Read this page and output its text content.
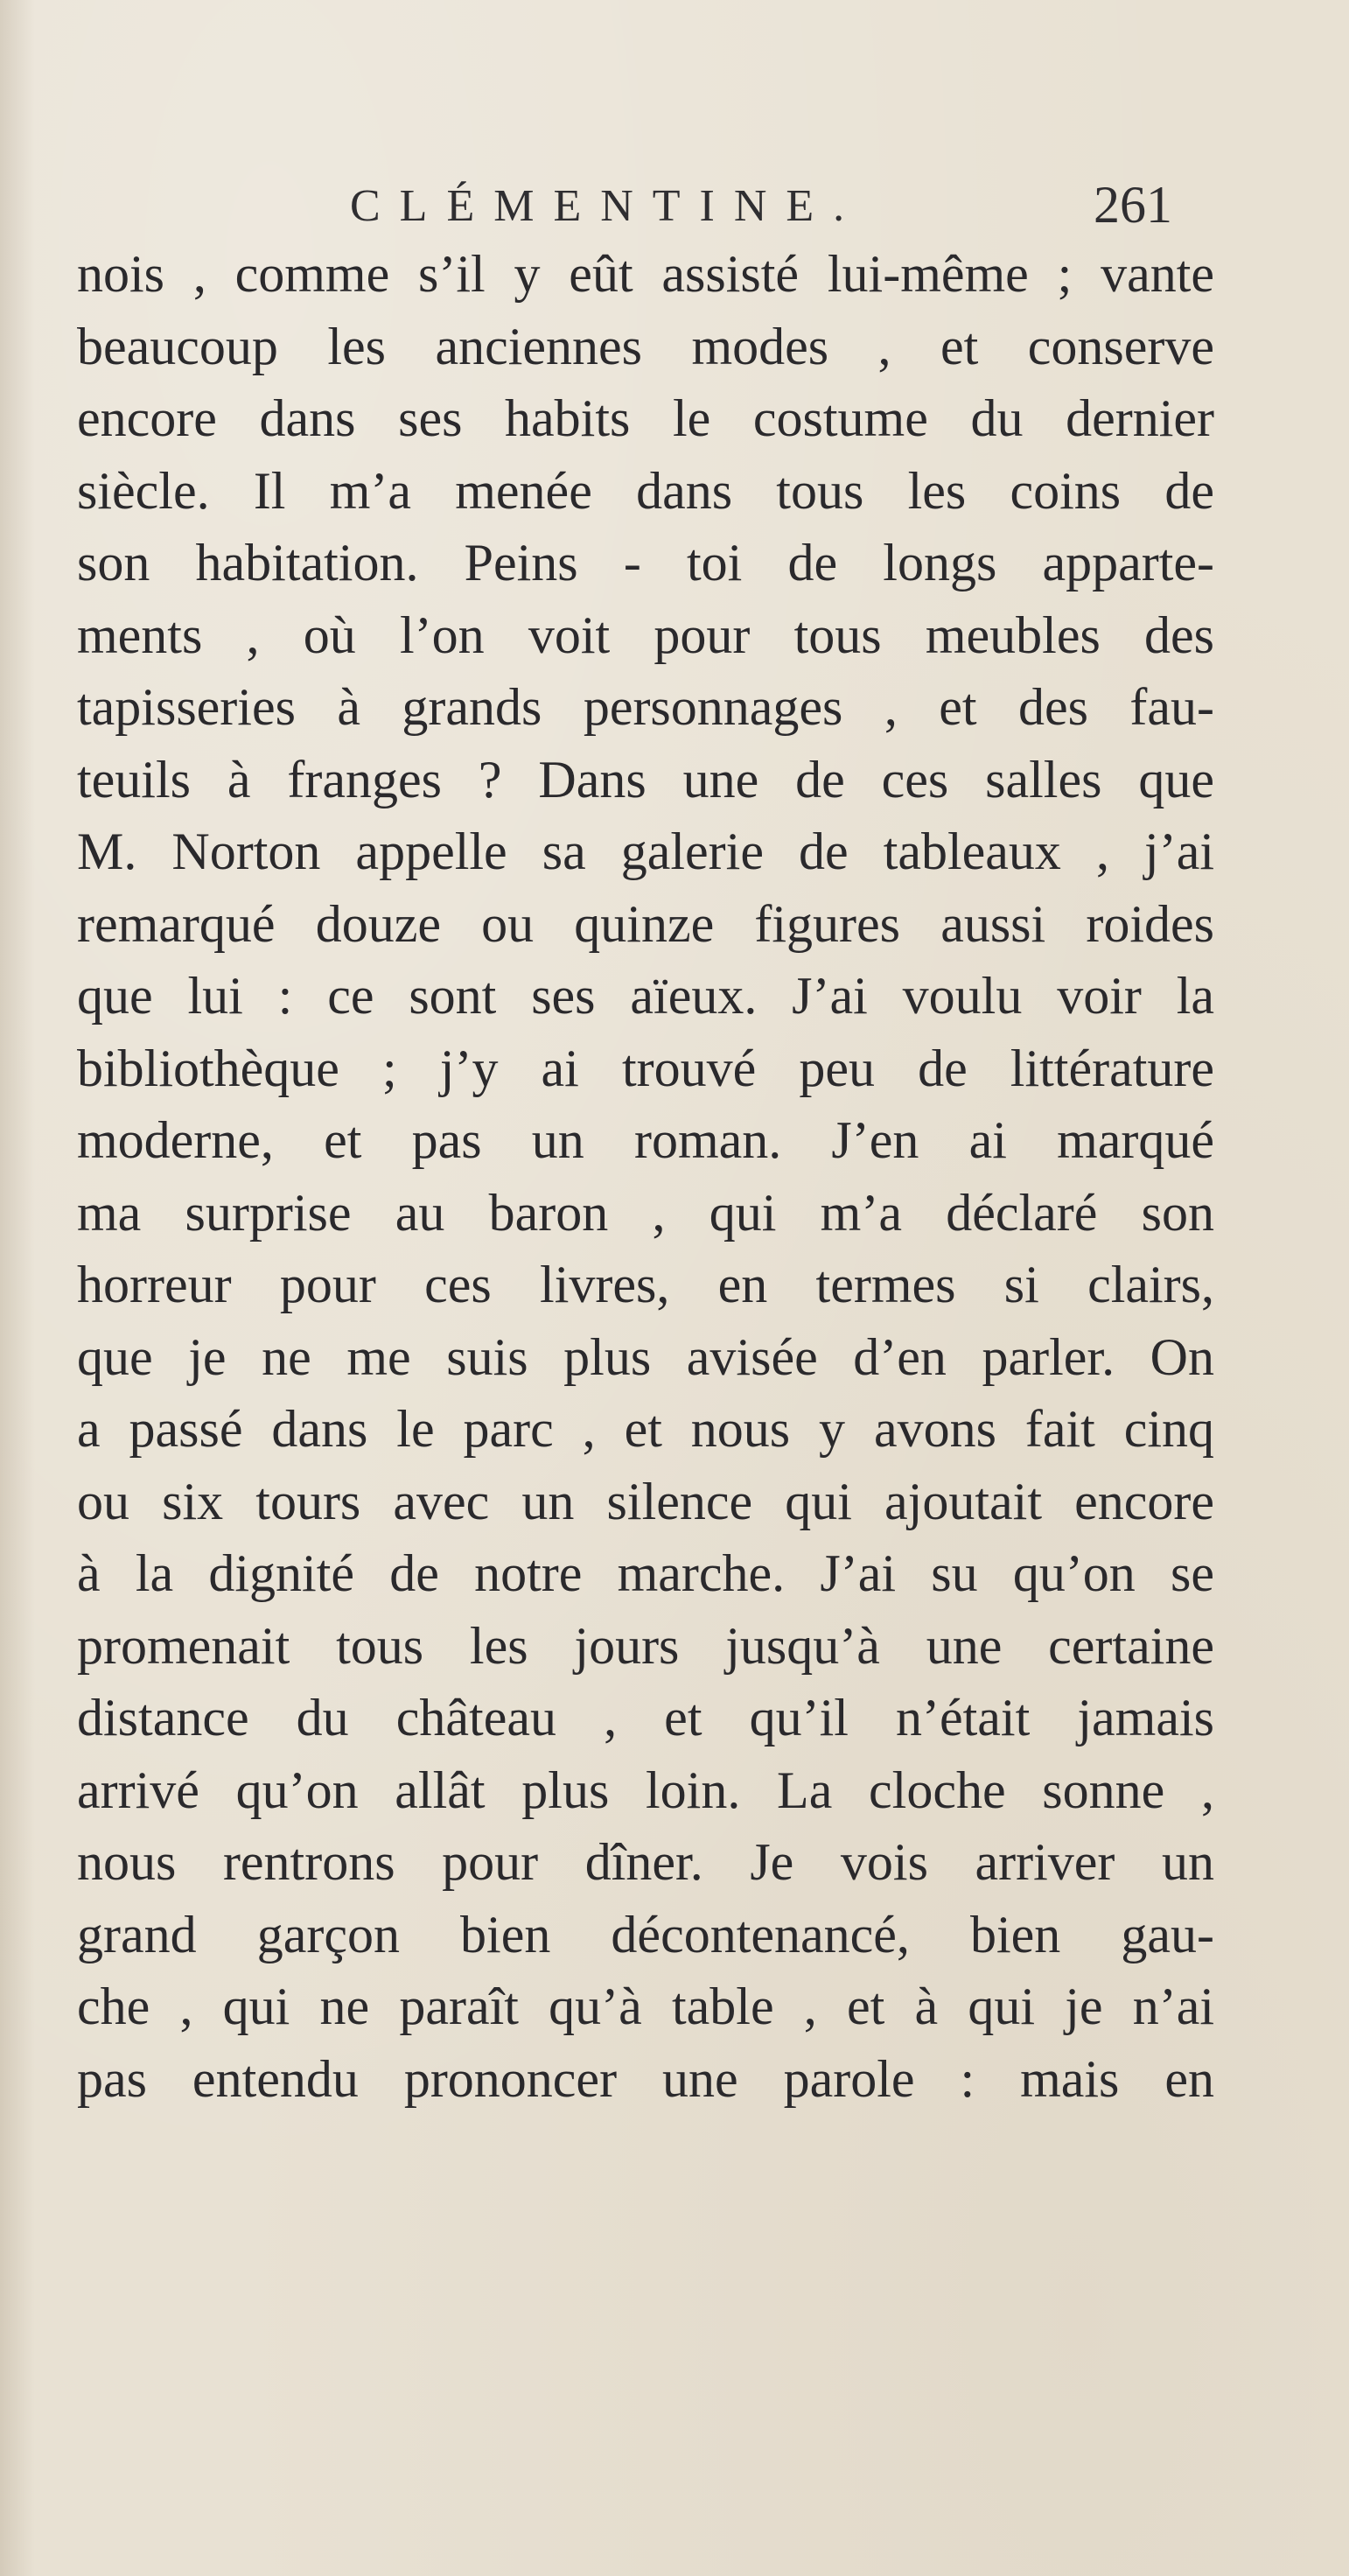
CLÉMENTINE.	261
nois , comme s’il y eût assisté lui-même ; vante
beaucoup les anciennes modes , et conserve
encore dans ses habits le costume du dernier
siècle. Il m’a menée dans tous les coins de
son habitation. Peins - toi de longs apparte-
ments , où l’on voit pour tous meubles des
tapisseries à grands personnages , et des fau-
teuils à franges ? Dans une de ces salles que
M. Norton appelle sa galerie de tableaux , j’ai
remarqué douze ou quinze figures aussi roides
que lui : ce sont ses aïeux. J’ai voulu voir la
bibliothèque ; j’y ai trouvé peu de littérature
moderne, et pas un roman. J’en ai marqué
ma surprise au baron , qui m’a déclaré son
horreur pour ces livres, en termes si clairs,
que je ne me suis plus avisée d’en parler. On
a passé dans le parc , et nous y avons fait cinq
ou six tours avec un silence qui ajoutait encore
à la dignité de notre marche. J’ai su qu’on se
promenait tous les jours jusqu’à une certaine
distance du château , et qu’il n’était jamais
arrivé qu’on allât plus loin. La cloche sonne ,
nous rentrons pour dîner. Je vois arriver un
grand garçon bien décontenancé, bien gau-
che , qui ne paraît qu’à table , et à qui je n’ai
pas entendu prononcer une parole : mais en
